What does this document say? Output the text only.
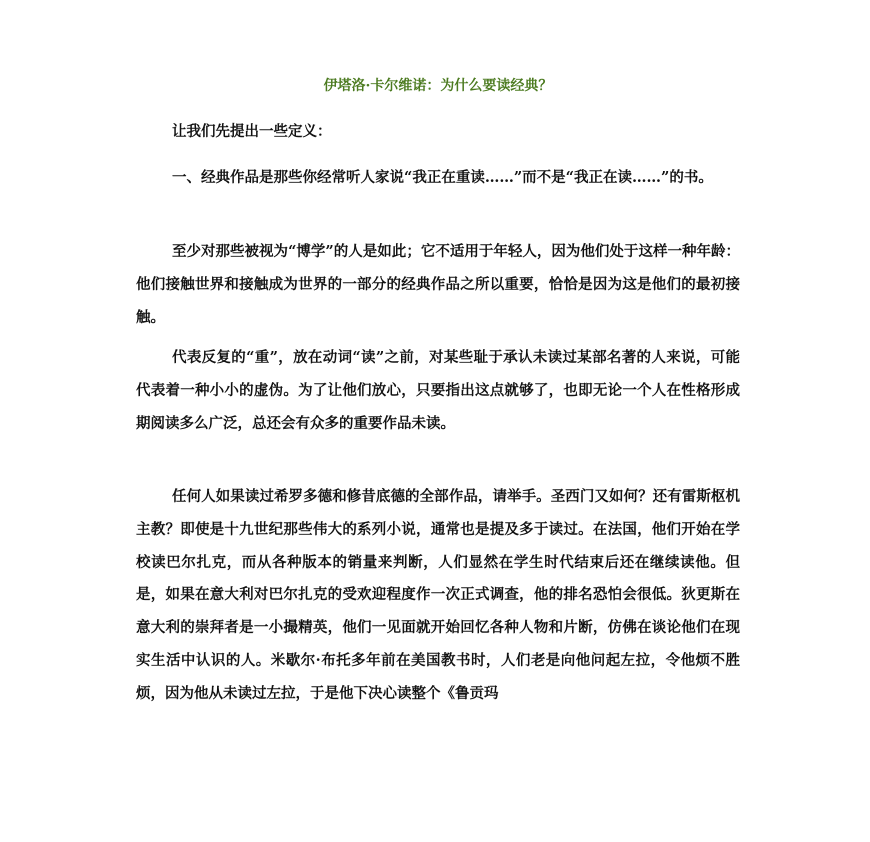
伊塔洛·卡尔维诺：为什么要读经典？

让我们先提出一些定义：

一、经典作品是那些你经常听人家说“我正在重读……”而不是“我正在读……”的书。

至少对那些被视为“博学”的人是如此；它不适用于年轻人，因为他们处于这样一种年龄：他们接触世界和接触成为世界的一部分的经典作品之所以重要，恰恰是因为这是他们的最初接触。

代表反复的“重”，放在动词“读”之前，对某些耻于承认未读过某部名著的人来说，可能代表着一种小小的虚伪。为了让他们放心，只要指出这点就够了，也即无论一个人在性格形成期阅读多么广泛，总还会有众多的重要作品未读。

任何人如果读过希罗多德和修昔底德的全部作品，请举手。圣西门又如何？还有雷斯枢机主教？即使是十九世纪那些伟大的系列小说，通常也是提及多于读过。在法国，他们开始在学校读巴尔扎克，而从各种版本的销量来判断，人们显然在学生时代结束后还在继续读他。但是，如果在意大利对巴尔扎克的受欢迎程度作一次正式调查，他的排名恐怕会很低。狄更斯在意大利的崇拜者是一小撮精英，他们一见面就开始回忆各种人物和片断，仿佛在谈论他们在现实生活中认识的人。米歇尔·布托多年前在美国教书时，人们老是向他问起左拉，令他烦不胜烦，因为他从未读过左拉，于是他下决心读整个《鲁贡玛
